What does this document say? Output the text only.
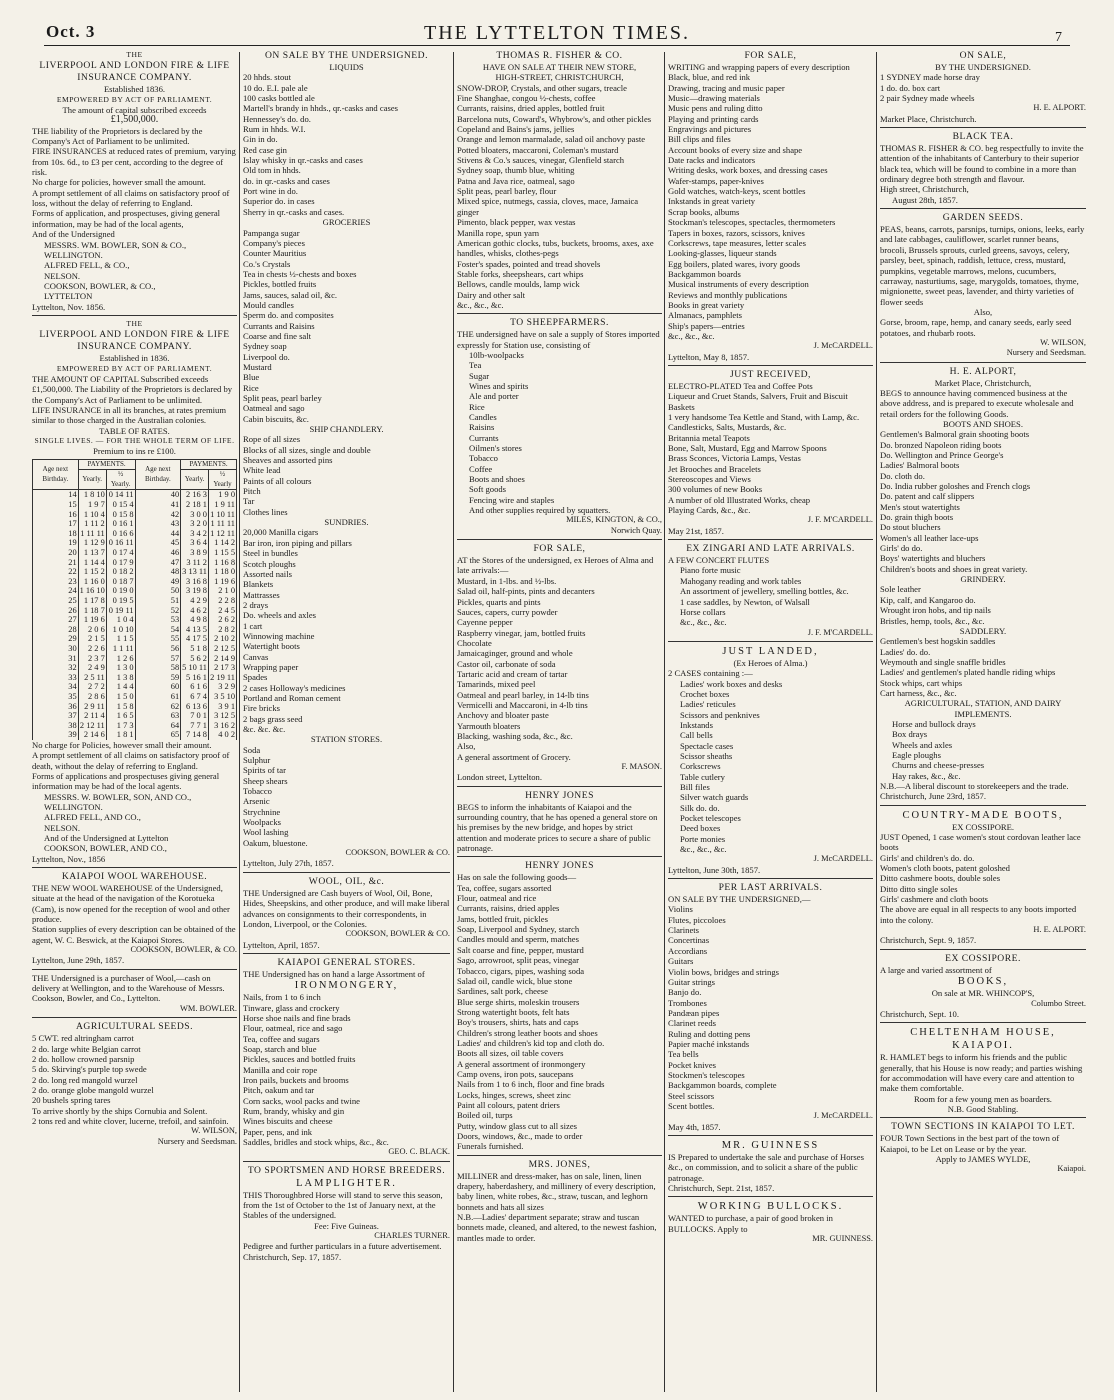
THE LYTTELTON TIMES.
Oct. 3	7
THE
LIVERPOOL AND LONDON FIRE & LIFE INSURANCE COMPANY.
Established 1836.
EMPOWERED BY ACT OF PARLIAMENT.
The amount of capital subscribed exceeds
£1,500,000.
THE liability of the Proprietors is declared by the Company's Act of Parliament to be unlimited.
FIRE INSURANCES at reduced rates of premium, varying from 10s. 6d., to £3 per cent, according to the degree of risk.
No charge for policies, however small the amount.
A prompt settlement of all claims on satisfactory proof of loss, without the delay of referring to England.
Forms of application, and prospectuses, giving general information, may be had of the local agents,
And of the Undersigned
MESSRS. WM. BOWLER, SON & CO.,
WELLINGTON.
ALFRED FELL, & CO.,
NELSON.
COOKSON, BOWLER, & CO.,
LYTTELTON
Lyttelton, Nov. 1856.
THE
LIVERPOOL AND LONDON FIRE & LIFE INSURANCE COMPANY.
Established in 1836.
EMPOWERED BY ACT OF PARLIAMENT.
THE AMOUNT OF CAPITAL Subscribed exceeds £1,500,000. The Liability of the Proprietors is declared by the Company's Act of Parliament to be unlimited.
LIFE INSURANCE in all its branches, at rates premium similar to those charged in the Australian colonies.
TABLE OF RATES.
SINGLE LIVES. — FOR THE WHOLE TERM OF LIFE.
Premium to ins re £100.
Age next Birthday.	PAYMENTS.		Age next Birthday.	PAYMENTS.	
	Yearly.	½ Yearly.		Yearly.	½ Yearly
14	1 8 10	0 14 11	40	2 16 3	1 9 0
15	1 9 7	0 15 4	41	2 18 1	1 9 11
16	1 10 4	0 15 8	42	3 0 0	1 10 11
17	1 11 2	0 16 1	43	3 2 0	1 11 11
18	1 11 11	0 16 6	44	3 4 2	1 12 11
19	1 12 9	0 16 11	45	3 6 4	1 14 2
20	1 13 7	0 17 4	46	3 8 9	1 15 5
21	1 14 4	0 17 9	47	3 11 2	1 16 8
22	1 15 2	0 18 2	48	3 13 11	1 18 0
23	1 16 0	0 18 7	49	3 16 8	1 19 6
24	1 16 10	0 19 0	50	3 19 8	2 1 0
25	1 17 8	0 19 5	51	4 2 9	2 2 8
26	1 18 7	0 19 11	52	4 6 2	2 4 5
27	1 19 6	1 0 4	53	4 9 8	2 6 2
28	2 0 6	1 0 10	54	4 13 5	2 8 2
29	2 1 5	1 1 5	55	4 17 5	2 10 2
30	2 2 6	1 1 11	56	5 1 8	2 12 5
31	2 3 7	1 2 6	57	5 6 2	2 14 9
32	2 4 9	1 3 0	58	5 10 11	2 17 3
33	2 5 11	1 3 8	59	5 16 1	2 19 11
34	2 7 2	1 4 4	60	6 1 6	3 2 9
35	2 8 6	1 5 0	61	6 7 4	3 5 10
36	2 9 11	1 5 8	62	6 13 6	3 9 1
37	2 11 4	1 6 5	63	7 0 1	3 12 5
38	2 12 11	1 7 3	64	7 7 1	3 16 2
39	2 14 6	1 8 1	65	7 14 8	4 0 2
No charge for Policies, however small their amount.
A prompt settlement of all claims on satisfactory proof of death, without the delay of referring to England.
Forms of applications and prospectuses giving general information may be had of the local agents.
MESSRS. W. BOWLER, SON, AND CO.,
WELLINGTON.
ALFRED FELL, AND CO.,
NELSON.
And of the Undersigned at Lyttelton
COOKSON, BOWLER, AND CO.,
Lyttelton, Nov., 1856
KAIAPOI WOOL WAREHOUSE.
THE NEW WOOL WAREHOUSE of the Undersigned, situate at the head of the navigation of the Korotueka (Cam), is now opened for the reception of wool and other produce.
Station supplies of every description can be obtained of the agent, W. C. Beswick, at the Kaiapoi Stores.
COOKSON, BOWLER, & CO.
Lyttelton, June 29th, 1857.
THE Undersigned is a purchaser of Wool,—cash on delivery at Wellington, and to the Warehouse of Messrs. Cookson, Bowler, and Co., Lyttelton.
WM. BOWLER.
AGRICULTURAL SEEDS.
5 CWT. red altringham carrot
2 do. large white Belgian carrot
2 do. hollow crowned parsnip
5 do. Skirving's purple top swede
2 do. long red mangold wurzel
2 do. orange globe mangold wurzel
20 bushels spring tares
To arrive shortly by the ships Cornubia and Solent.
2 tons red and white clover, lucerne, trefoil, and sainfoin.
W. WILSON,
Nursery and Seedsman.
ON SALE BY THE UNDERSIGNED.
LIQUIDS
20 hhds. stout
10 do. E.I. pale ale
100 casks bottled ale
Martell's brandy in hhds., qr.-casks and cases
Hennessey's do. do.
Rum in hhds. W.I.
Gin in do.
Red case gin
Islay whisky in qr.-casks and cases
Old tom in hhds.
do. in qr.-casks and cases
Port wine in do.
Superior do. in cases
Sherry in qr.-casks and cases.
GROCERIES
Pampanga sugar
Company's pieces
Counter Mauritius
Co.'s Crystals
Tea in chests ½-chests and boxes
Pickles, bottled fruits
Jams, sauces, salad oil, &c.
Mould candles
Sperm do. and composites
Currants and Raisins
Coarse and fine salt
Sydney soap
Liverpool do.
Mustard
Blue
Rice
Split peas, pearl barley
Oatmeal and sago
Cabin biscuits, &c.
SHIP CHANDLERY.
Rope of all sizes
Blocks of all sizes, single and double
Sheaves and assorted pins
White lead
Paints of all colours
Pitch
Tar
Clothes lines
SUNDRIES.
20,000 Manilla cigars
Bar iron, iron piping and pillars
Steel in bundles
Scotch ploughs
Assorted nails
Blankets
Mattrasses
2 drays
Do. wheels and axles
1 cart
Winnowing machine
Watertight boots
Canvas
Wrapping paper
Spades
2 cases Holloway's medicines
Portland and Roman cement
Fire bricks
2 bags grass seed
&c. &c. &c.
STATION STORES.
Soda
Sulphur
Spirits of tar
Sheep shears
Tobacco
Arsenic
Strychnine
Woolpacks
Wool lashing
Oakum, bluestone.
COOKSON, BOWLER & CO.
Lyttelton, July 27th, 1857.
WOOL, OIL, &c.
THE Undersigned are Cash buyers of Wool, Oil, Bone, Hides, Sheepskins, and other produce, and will make liberal advances on consignments to their correspondents, in London, Liverpool, or the Colonies.
COOKSON, BOWLER & CO.
Lyttelton, April, 1857.
KAIAPOI GENERAL STORES.
THE Undersigned has on hand a large Assortment of
IRONMONGERY,
Nails, from 1 to 6 inch
Tinware, glass and crockery
Horse shoe nails and fine brads
Flour, oatmeal, rice and sago
Tea, coffee and sugars
Soap, starch and blue
Pickles, sauces and bottled fruits
Manilla and coir rope
Iron pails, buckets and brooms
Pitch, oakum and tar
Corn sacks, wool packs and twine
Rum, brandy, whisky and gin
Wines biscuits and cheese
Paper, pens, and ink
Saddles, bridles and stock whips, &c., &c.
GEO. C. BLACK.
TO SPORTSMEN AND HORSE BREEDERS.
LAMPLIGHTER.
THIS Thoroughbred Horse will stand to serve this season, from the 1st of October to the 1st of January next, at the Stables of the undersigned.
Fee: Five Guineas.
CHARLES TURNER.
Pedigree and further particulars in a future advertisement.
Christchurch, Sep. 17, 1857.
THOMAS R. FISHER & CO.
HAVE ON SALE AT THEIR NEW STORE,
HIGH-STREET, CHRISTCHURCH,
SNOW-DROP, Crystals, and other sugars, treacle
Fine Shanghae, congou ½-chests, coffee
Currants, raisins, dried apples, bottled fruit
Barcelona nuts, Coward's, Whybrow's, and other pickles
Copeland and Bains's jams, jellies
Orange and lemon marmalade, salad oil anchovy paste
Potted bloaters, maccaroni, Coleman's mustard
Stivens & Co.'s sauces, vinegar, Glenfield starch
Sydney soap, thumb blue, whiting
Patna and Java rice, oatmeal, sago
Split peas, pearl barley, flour
Mixed spice, nutmegs, cassia, cloves, mace, Jamaica ginger
Pimento, black pepper, wax vestas
Manilla rope, spun yarn
American gothic clocks, tubs, buckets, brooms, axes, axe handles, whisks, clothes-pegs
Foster's spades, pointed and tread shovels
Stable forks, sheepshears, cart whips
Bellows, candle moulds, lamp wick
Dairy and other salt
&c., &c., &c.
TO SHEEPFARMERS.
THE undersigned have on sale a supply of Stores imported expressly for Station use, consisting of
10lb-woolpacks
Tea
Sugar
Wines and spirits
Ale and porter
Rice
Candles
Raisins
Currants
Oilmen's stores
Tobacco
Coffee
Boots and shoes
Soft goods
Fencing wire and staples
And other supplies required by squatters.
MILES, KINGTON, & CO.,
Norwich Quay.
FOR SALE,
AT the Stores of the undersigned, ex Heroes of Alma and late arrivals:—
Mustard, in 1-lbs. and ½-lbs.
Salad oil, half-pints, pints and decanters
Pickles, quarts and pints
Sauces, capers, curry powder
Cayenne pepper
Raspberry vinegar, jam, bottled fruits
Chocolate
Jamaicaginger, ground and whole
Castor oil, carbonate of soda
Tartaric acid and cream of tartar
Tamarinds, mixed peel
Oatmeal and pearl barley, in 14-lb tins
Vermicelli and Maccaroni, in 4-lb tins
Anchovy and bloater paste
Yarmouth bloaters
Blacking, washing soda, &c., &c.
Also,
A general assortment of Grocery.
F. MASON.
London street, Lyttelton.
HENRY JONES
BEGS to inform the inhabitants of Kaiapoi and the surrounding country, that he has opened a general store on his premises by the new bridge, and hopes by strict attention and moderate prices to secure a share of public patronage.
HENRY JONES
Has on sale the following goods—
Tea, coffee, sugars assorted
Flour, oatmeal and rice
Currants, raisins, dried apples
Jams, bottled fruit, pickles
Soap, Liverpool and Sydney, starch
Candles mould and sperm, matches
Salt coarse and fine, pepper, mustard
Sago, arrowroot, split peas, vinegar
Tobacco, cigars, pipes, washing soda
Salad oil, candle wick, blue stone
Sardines, salt pork, cheese
Blue serge shirts, moleskin trousers
Strong watertight boots, felt hats
Boy's trousers, shirts, hats and caps
Children's strong leather boots and shoes
Ladies' and children's kid top and cloth do.
Boots all sizes, oil table covers
A general assortment of ironmongery
Camp ovens, iron pots, saucepans
Nails from 1 to 6 inch, floor and fine brads
Locks, hinges, screws, sheet zinc
Paint all colours, patent driers
Boiled oil, turps
Putty, window glass cut to all sizes
Doors, windows, &c., made to order
Funerals furnished.
MRS. JONES,
MILLINER and dress-maker, has on sale, linen, linen drapery, haberdashery, and millinery of every description, baby linen, white robes, &c., straw, tuscan, and leghorn bonnets and hats all sizes
N.B.—Ladies' department separate; straw and tuscan bonnets made, cleaned, and altered, to the newest fashion, mantles made to order.
FOR SALE,
WRITING and wrapping papers of every description
Black, blue, and red ink
Drawing, tracing and music paper
Music—drawing materials
Music pens and ruling ditto
Playing and printing cards
Engravings and pictures
Bill clips and files
Account books of every size and shape
Date racks and indicators
Writing desks, work boxes, and dressing cases
Wafer-stamps, paper-knives
Gold watches, watch-keys, scent bottles
Inkstands in great variety
Scrap books, albums
Stockman's telescopes, spectacles, thermometers
Tapers in boxes, razors, scissors, knives
Corkscrews, tape measures, letter scales
Looking-glasses, liqueur stands
Egg boilers, plated wares, ivory goods
Backgammon boards
Musical instruments of every description
Reviews and monthly publications
Books in great variety
Almanacs, pamphlets
Ship's papers—entries
&c., &c., &c.
J. McCARDELL.
Lyttelton, May 8, 1857.
JUST RECEIVED,
ELECTRO-PLATED Tea and Coffee Pots
Liqueur and Cruet Stands, Salvers, Fruit and Biscuit Baskets
1 very handsome Tea Kettle and Stand, with Lamp, &c.
Candlesticks, Salts, Mustards, &c.
Britannia metal Teapots
Bone, Salt, Mustard, Egg and Marrow Spoons
Brass Sconces, Victoria Lamps, Vestas
Jet Brooches and Bracelets
Stereoscopes and Views
300 volumes of new Books
A number of old Illustrated Works, cheap
Playing Cards, &c., &c.
J. F. M'CARDELL.
May 21st, 1857.
EX ZINGARI AND LATE ARRIVALS.
A FEW CONCERT FLUTES
Piano forte music
Mahogany reading and work tables
An assortment of jewellery, smelling bottles, &c.
1 case saddles, by Newton, of Walsall
Horse collars
&c., &c., &c.
J. F. M'CARDELL.
JUST LANDED,
(Ex Heroes of Alma.)
2 CASES containing :—
Ladies' work boxes and desks
Crochet boxes
Ladies' reticules
Scissors and penknives
Inkstands
Call bells
Spectacle cases
Scissor sheaths
Corkscrews
Table cutlery
Bill files
Silver watch guards
Silk do. do.
Pocket telescopes
Deed boxes
Porte monies
&c., &c., &c.
J. McCARDELL.
Lyttelton, June 30th, 1857.
PER LAST ARRIVALS.
ON SALE BY THE UNDERSIGNED,—
Violins
Flutes, piccoloes
Clarinets
Concertinas
Accordians
Guitars
Violin bows, bridges and strings
Guitar strings
Banjo do.
Trombones
Pandæan pipes
Clarinet reeds
Ruling and dotting pens
Papier maché inkstands
Tea bells
Pocket knives
Stockmen's telescopes
Backgammon boards, complete
Steel scissors
Scent bottles.
J. McCARDELL.
May 4th, 1857.
MR. GUINNESS
IS Prepared to undertake the sale and purchase of Horses &c., on commission, and to solicit a share of the public patronage.
Christchurch, Sept. 21st, 1857.
WORKING BULLOCKS.
WANTED to purchase, a pair of good broken in BULLOCKS. Apply to
MR. GUINNESS.
ON SALE,
BY THE UNDERSIGNED.
1 SYDNEY made horse dray
1 do. do. box cart
2 pair Sydney made wheels
H. E. ALPORT.
Market Place, Christchurch.
BLACK TEA.
THOMAS R. FISHER & CO. beg respectfully to invite the attention of the inhabitants of Canterbury to their superior black tea, which will be found to combine in a more than ordinary degree both strength and flavour.
High street, Christchurch,
August 28th, 1857.
GARDEN SEEDS.
PEAS, beans, carrots, parsnips, turnips, onions, leeks, early and late cabbages, cauliflower, scarlet runner beans, brocoli, Brussels sprouts, curled greens, savoys, celery, parsley, beet, spinach, raddish, lettuce, cress, mustard, pumpkins, vegetable marrows, melons, cucumbers, carraway, nasturtiums, sage, marygolds, tomatoes, thyme, mignionette, sweet peas, lavender, and thirty varieties of flower seeds
Also,
Gorse, broom, rape, hemp, and canary seeds, early seed potatoes, and rhubarb roots.
W. WILSON,
Nursery and Seedsman.
H. E. ALPORT,
Market Place, Christchurch,
BEGS to announce having commenced business at the above address, and is prepared to execute wholesale and retail orders for the following Goods.
BOOTS AND SHOES.
Gentlemen's Balmoral grain shooting boots
Do. bronzed Napoleon riding boots
Do. Wellington and Prince George's
Ladies' Balmoral boots
Do. cloth do.
Do. India rubber goloshes and French clogs
Do. patent and calf slippers
Men's stout watertights
Do. grain thigh boots
Do stout bluchers
Women's all leather lace-ups
Girls' do do.
Boys' watertights and bluchers
Children's boots and shoes in great variety.
GRINDERY.
Sole leather
Kip, calf, and Kangaroo do.
Wrought iron hobs, and tip nails
Bristles, hemp, tools, &c., &c.
SADDLERY.
Gentlemen's best hogskin saddles
Ladies' do. do.
Weymouth and single snaffle bridles
Ladies' and gentlemen's plated handle riding whips
Stock whips, cart whips
Cart harness, &c., &c.
AGRICULTURAL, STATION, AND DAIRY IMPLEMENTS.
Horse and bullock drays
Box drays
Wheels and axles
Eagle ploughs
Churns and cheese-presses
Hay rakes, &c., &c.
N.B.—A liberal discount to storekeepers and the trade.
Christchurch, June 23rd, 1857.
COUNTRY-MADE BOOTS,
EX COSSIPORE.
JUST Opened, 1 case women's stout cordovan leather lace boots
Girls' and children's do. do.
Women's cloth boots, patent goloshed
Ditto cashmere boots, double soles
Ditto ditto single soles
Girls' cashmere and cloth boots
The above are equal in all respects to any boots imported into the colony.
H. E. ALPORT.
Christchurch, Sept. 9, 1857.
EX COSSIPORE.
A large and varied assortment of
BOOKS,
On sale at MR. WHINCOP'S,
Columbo Street.
Christchurch, Sept. 10.
CHELTENHAM HOUSE,
KAIAPOI.
R. HAMLET begs to inform his friends and the public generally, that his House is now ready; and parties wishing for accommodation will have every care and attention to make them comfortable.
Room for a few young men as boarders.
N.B. Good Stabling.
TOWN SECTIONS IN KAIAPOI TO LET.
FOUR Town Sections in the best part of the town of Kaiapoi, to be Let on Lease or by the year.
Apply to JAMES WYLDE,
Kaiapoi.
